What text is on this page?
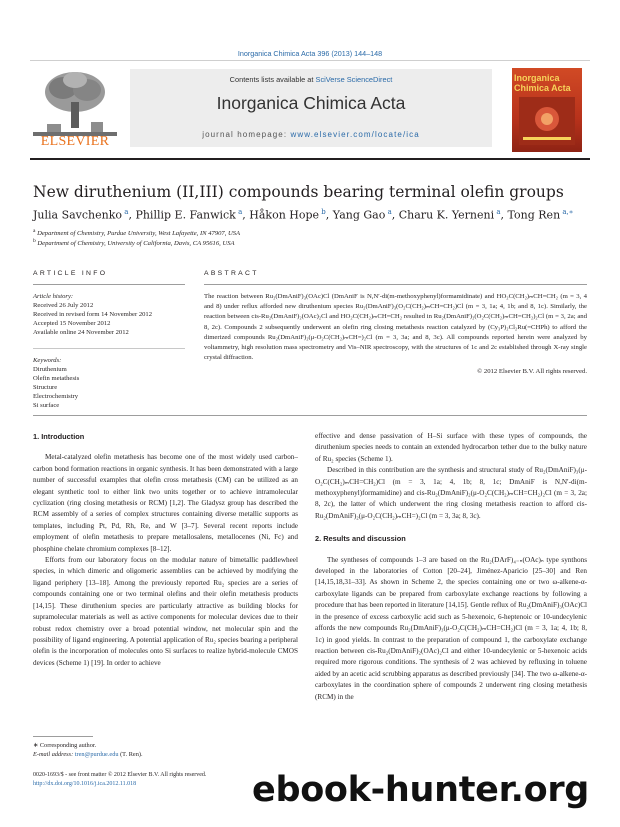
Inorganica Chimica Acta 396 (2013) 144–148
ELSEVIER
Contents lists available at SciVerse ScienceDirect
Inorganica Chimica Acta
journal homepage: www.elsevier.com/locate/ica
Inorganica
Chimica Acta
New diruthenium (II,III) compounds bearing terminal olefin groups
Julia Savchenko $^a$, Phillip E. Fanwick $^a$, Håkon Hope $^b$, Yang Gao $^a$, Charu K. Yerneni $^a$, Tong Ren $^{a,∗}$
$^a$ Department of Chemistry, Purdue University, West Lafayette, IN 47907, USA
$^b$ Department of Chemistry, University of California, Davis, CA 95616, USA
ARTICLE INFO	ABSTRACT
Article history:
Received 26 July 2012
Received in revised form 14 November 2012
Accepted 15 November 2012
Available online 24 November 2012
Keywords:
Diruthenium
Olefin metathesis
Structure
Electrochemistry
Si surface
The reaction between Ru₂(DmAniF)₃(OAc)Cl (DmAniF is N,N′-di(m-methoxyphenyl)formamidinate) and HO₂C(CH₂)ₘCH=CH₂ (m = 3, 4 and 8) under reflux afforded new diruthenium species Ru₂(DmAniF)₃(O₂C(CH₂)ₘCH=CH₂)Cl (m = 3, 1a; 4, 1b; and 8, 1c). Similarly, the reaction between cis-Ru₂(DmAniF)₂(OAc)₂Cl and HO₂C(CH₂)ₘCH=CH₂ resulted in Ru₂(DmAniF)₂(O₂C(CH₂)ₘCH=CH₂)₂Cl (m = 3, 2a; and 8, 2c). Compounds 2 subsequently underwent an olefin ring closing metathesis reaction catalyzed by (Cy₃P)₂Cl₂Ru(=CHPh) to afford the dimerized compounds Ru₂(DmAniF)₂(μ-O₂C(CH₂)ₘCH=)₂Cl (m = 3, 3a; and 8, 3c). All compounds reported herein were analyzed by voltammetry, high resolution mass spectrometry and Vis–NIR spectroscopy, with the structures of 1c and 2c established through X-ray single crystal diffraction.
© 2012 Elsevier B.V. All rights reserved.
1. Introduction

Metal-catalyzed olefin metathesis has become one of the most widely used carbon–carbon bond formation reactions in organic synthesis. It has been demonstrated with a large number of successful examples that olefin cross metathesis (CM) can be utilized as an elegant synthetic tool to either link two units together or to achieve intramolecular cyclization (ring closing metathesis or RCM) [1,2]. The Gladysz group has described the RCM assembly of a series of complex structures containing diverse metallic supports as templates, including Pt, Pd, Rh, Re, and W [3–7]. Several recent reports include employment of olefin metathesis to prepare metallosalens, metallocenes (Ni, Fc) and phosphine chelate chromium complexes [8–12].

Efforts from our laboratory focus on the modular nature of bimetallic paddlewheel species, in which dimeric and oligomeric assemblies can be achieved by modifying the ligand periphery [13–18]. Among the previously reported Ru₂ species are a series of compounds containing one or two terminal olefins and their olefin metathesis products [14,15]. These diruthenium species are particularly attractive as building blocks for supramolecular materials as well as active components for molecular devices due to their robust redox chemistry over a broad potential window, net molecular spin and the possibility of ligand engineering. A potential application of Ru₂ species bearing a peripheral olefin is the incorporation of molecules onto Si surfaces to realize hybrid-molecule CMOS devices (Scheme 1) [19]. In order to achieve

effective and dense passivation of H–Si surface with these types of compounds, the diruthenium species needs to contain an extended hydrocarbon tether due to the bulky nature of Ru₂ species (Scheme 1).

Described in this contribution are the synthesis and structural study of Ru₂(DmAniF)₃(μ-O₂C(CH₂)ₘCH=CH₂)Cl (m = 3, 1a; 4, 1b; 8, 1c; DmAniF is N,N′-di(m-methoxyphenyl)formamidine) and cis-Ru₂(DmAniF)₂(μ-O₂C(CH₂)ₘCH=CH₂)₂Cl (m = 3, 2a; 8, 2c), the latter of which underwent the ring closing metathesis reaction to afford cis-Ru₂(DmAniF)₂(μ-O₂C(CH₂)ₘCH=)₂Cl (m = 3, 3a; 8, 3c).

2. Results and discussion

The syntheses of compounds 1–3 are based on the Ru₂(DArF)₄₋ₙ(OAc)ₙ type synthons developed in the laboratories of Cotton [20–24], Jiménez-Aparicio [25–30] and Ren [14,15,18,31–33]. As shown in Scheme 2, the species containing one or two ω-alkene-α-carboxylate ligands can be prepared from carboxylate exchange reactions by following a procedure that has been reported in literature [14,15]. Gentle reflux of Ru₂(DmAniF)₃(OAc)Cl in the presence of excess carboxylic acid such as 5-hexenoic, 6-heptenoic or 10-undecylenic affords the new compounds Ru₂(DmAniF)₃(μ-O₂C(CH₂)ₘCH=CH₂)Cl (m = 3, 1a; 4, 1b; 8, 1c) in good yields. In contrast to the preparation of compound 1, the carboxylate exchange reaction between cis-Ru₂(DmAniF)₂(OAc)₂Cl and either 10-undecylenic or 5-hexenoic acids required more rigorous conditions. The synthesis of 2 was achieved by refluxing in toluene aided by an acetic acid scrubbing apparatus as described previously [34]. The two ω-alkene-α-carboxylates in the coordination sphere of compounds 2 underwent ring closing metathesis (RCM) in the

∗ Corresponding author.
E-mail address: tren@purdue.edu (T. Ren).
0020-1693/$ - see front matter © 2012 Elsevier B.V. All rights reserved.
http://dx.doi.org/10.1016/j.ica.2012.11.018	ebook-hunter.org
